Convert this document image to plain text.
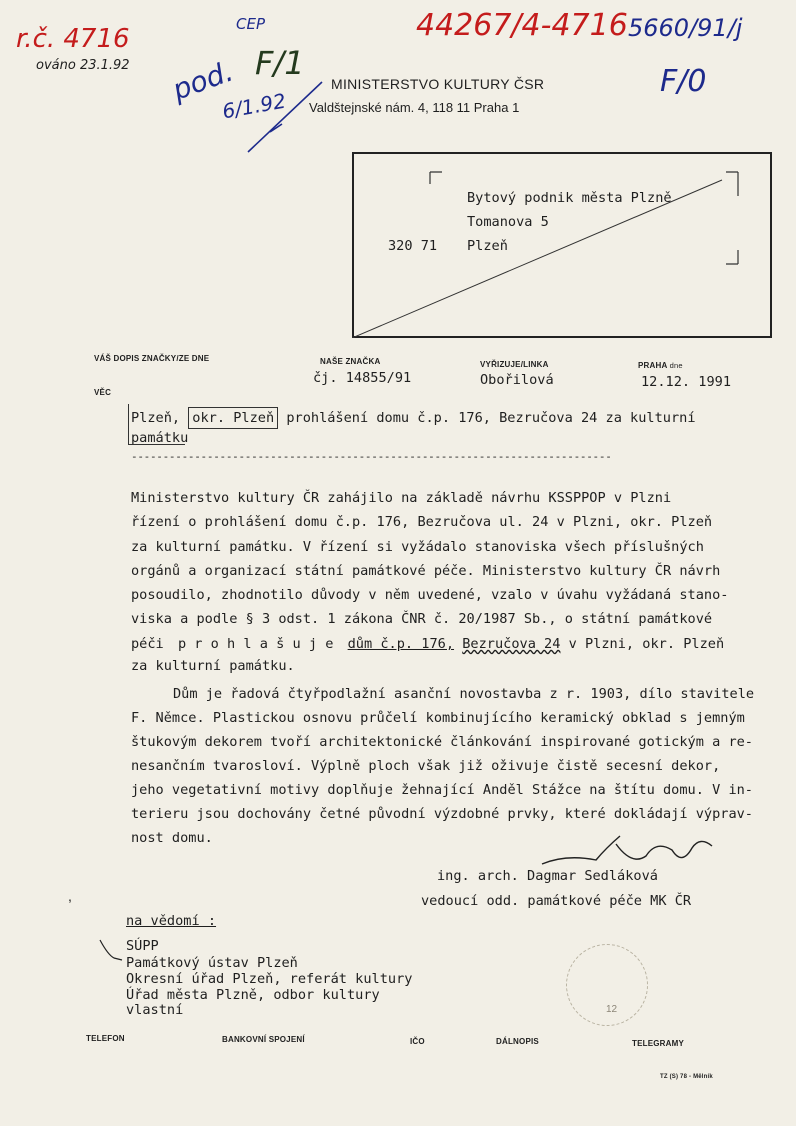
r.č. 4716
ováno 23.1.92
CEP
pod. F/1
6/1.92
44267/4-4716 5660/91/j
F/0
MINISTERSTVO KULTURY ČSR
Valdštejnské nám. 4, 118 11 Praha 1
Bytový podnik města Plzně
Tomanova 5
320 71 Plzeň
VÁŠ DOPIS ZNAČKY/ZE DNE
VĚC
NAŠE ZNAČKA
čj. 14855/91
VYŘIZUJE/LINKA
Obořilová
PRAHA dne
12.12. 1991
Plzeň, okr. Plzeň prohlášení domu č.p. 176, Bezručova 24 za kulturní
památku
----------------------------------------------------------------------------
Ministerstvo kultury ČR zahájilo na základě návrhu KSSPPOP v Plzni
řízení o prohlášení domu č.p. 176, Bezručova ul. 24 v Plzni, okr. Plzeň
za kulturní památku. V řízení si vyžádalo stanoviska všech příslušných
orgánů a organizací státní památkové péče. Ministerstvo kultury ČR návrh
posoudilo, zhodnotilo důvody v něm uvedené, vzalo v úvahu vyžádaná stano-
viska a podle § 3 odst. 1 zákona ČNR č. 20/1987 Sb., o státní památkové
péči p r o h l a š u j e dům č.p. 176, Bezručova 24 v Plzni, okr. Plzeň
za kulturní památku.
Dům je řadová čtyřpodlažní asanční novostavba z r. 1903, dílo stavitele
F. Němce. Plastickou osnovu průčelí kombinujícího keramický obklad s jemným
štukovým dekorem tvoří architektonické článkování inspirované gotickým a re-
nesančním tvarosloví. Výplně ploch však již oživuje čistě secesní dekor,
jeho vegetativní motivy doplňuje žehnající Anděl Stážce na štítu domu. V in-
terieru jsou dochovány četné původní výzdobné prvky, které dokládají výprav-
nost domu.
ing. arch. Dagmar Sedláková
vedoucí odd. památkové péče MK ČR
na vědomí :
SÚPP
Památkový ústav Plzeň
Okresní úřad Plzeň, referát kultury
Úřad města Plzně, odbor kultury
vlastní
,
12
TELEFON	BANKOVNÍ SPOJENÍ	IČO	DÁLNOPIS	TELEGRAMY
TZ (S) 78 - Mělník
